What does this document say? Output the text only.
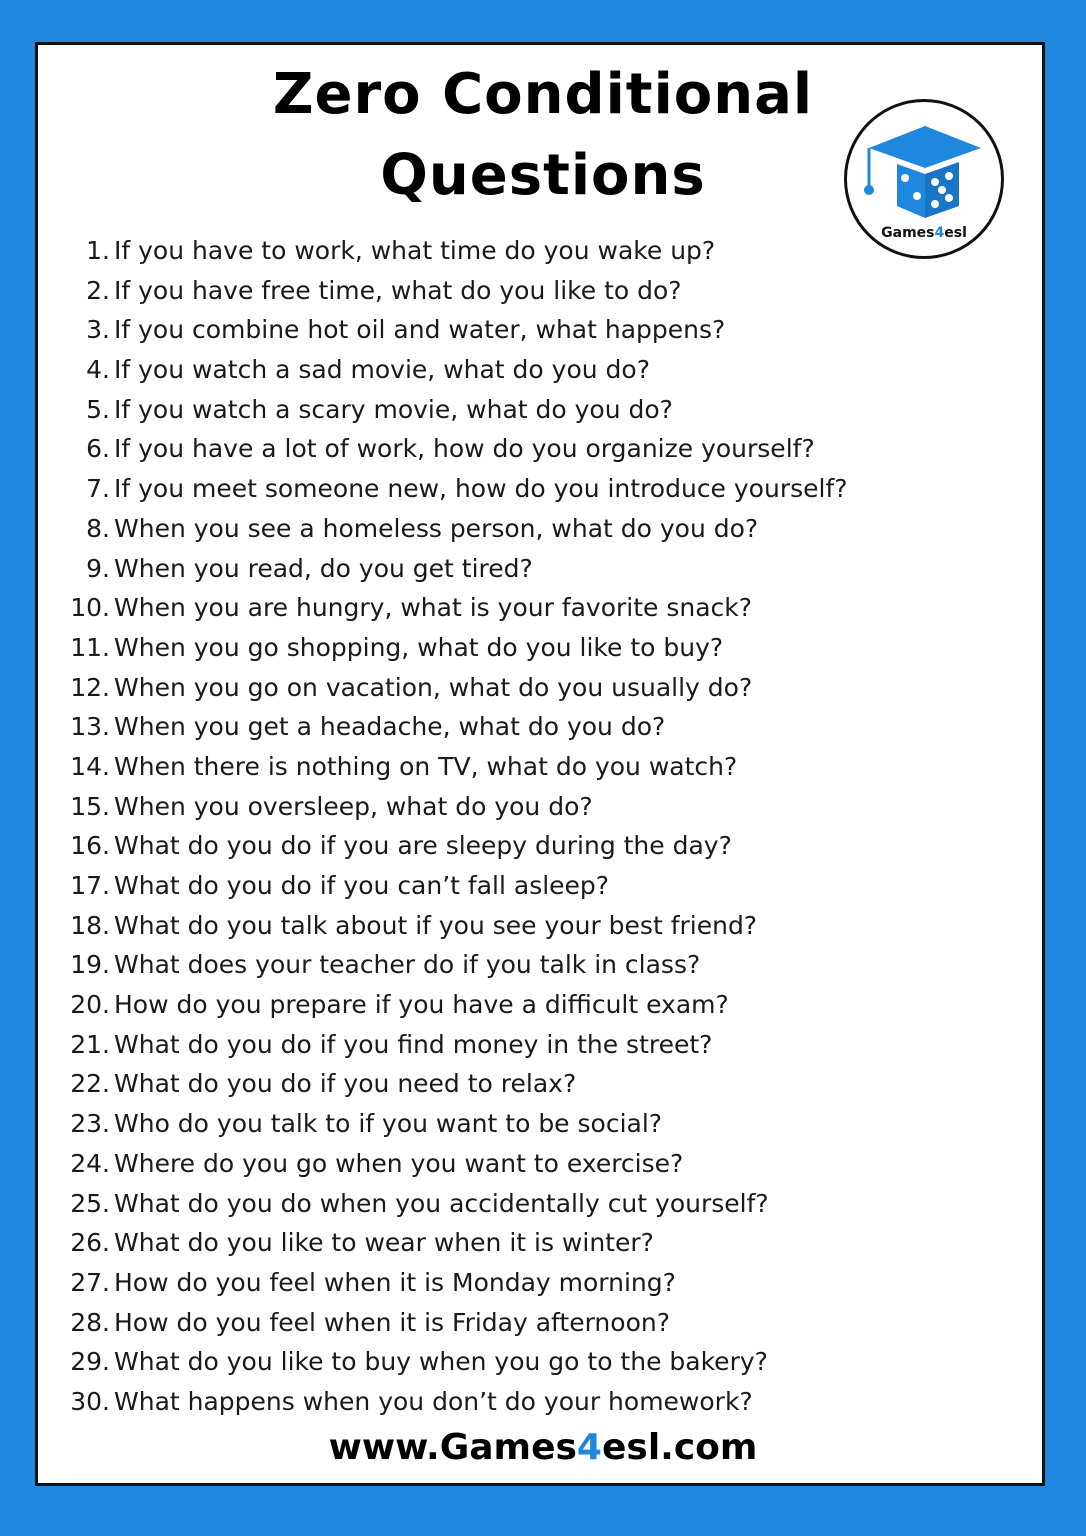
Zero Conditional
Questions
Games4esl
1. If you have to work, what time do you wake up?
2. If you have free time, what do you like to do?
3. If you combine hot oil and water, what happens?
4. If you watch a sad movie, what do you do?
5. If you watch a scary movie, what do you do?
6. If you have a lot of work, how do you organize yourself?
7. If you meet someone new, how do you introduce yourself?
8. When you see a homeless person, what do you do?
9. When you read, do you get tired?
10. When you are hungry, what is your favorite snack?
11. When you go shopping, what do you like to buy?
12. When you go on vacation, what do you usually do?
13. When you get a headache, what do you do?
14. When there is nothing on TV, what do you watch?
15. When you oversleep, what do you do?
16. What do you do if you are sleepy during the day?
17. What do you do if you can’t fall asleep?
18. What do you talk about if you see your best friend?
19. What does your teacher do if you talk in class?
20. How do you prepare if you have a difficult exam?
21. What do you do if you find money in the street?
22. What do you do if you need to relax?
23. Who do you talk to if you want to be social?
24. Where do you go when you want to exercise?
25. What do you do when you accidentally cut yourself?
26. What do you like to wear when it is winter?
27. How do you feel when it is Monday morning?
28. How do you feel when it is Friday afternoon?
29. What do you like to buy when you go to the bakery?
30. What happens when you don’t do your homework?
www.Games4esl.com
